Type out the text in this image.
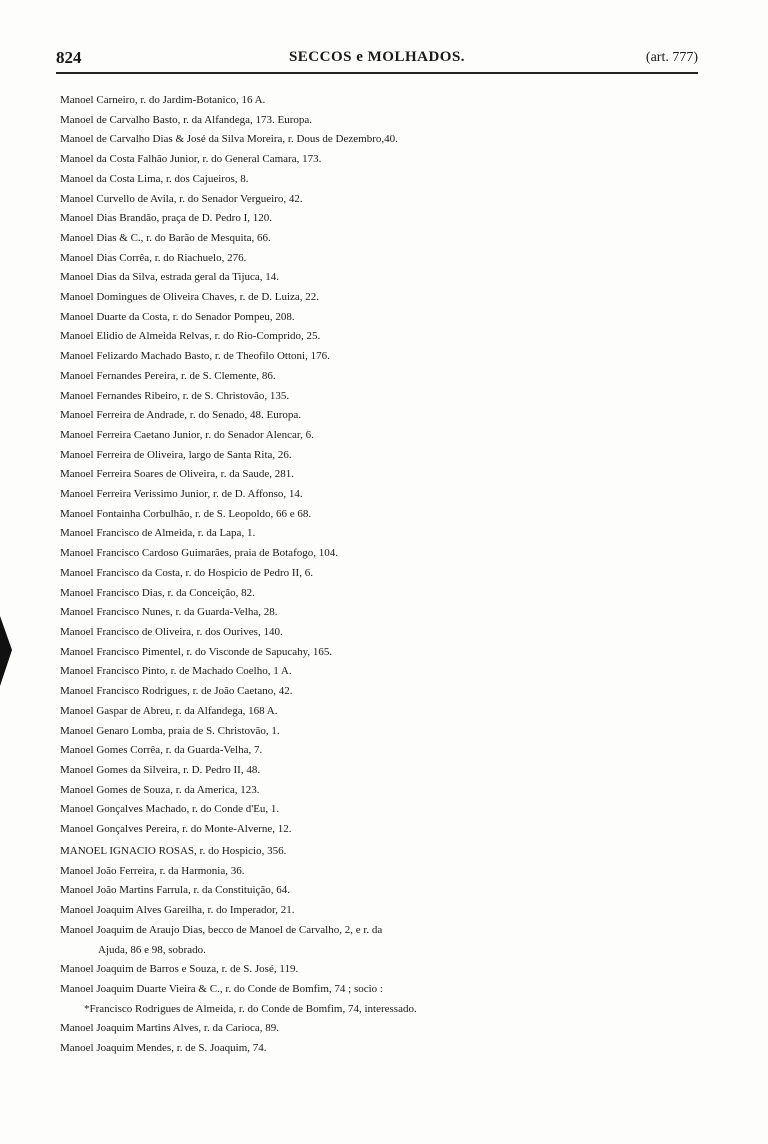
824	SECCOS e MOLHADOS.	(art. 777)
Manoel Carneiro, r. do Jardim-Botanico, 16 A.
Manoel de Carvalho Basto, r. da Alfandega, 173. Europa.
Manoel de Carvalho Dias & José da Silva Moreira, r. Dous de Dezembro,40.
Manoel da Costa Falhão Junior, r. do General Camara, 173.
Manoel da Costa Lima, r. dos Cajueiros, 8.
Manoel Curvello de Avila, r. do Senador Vergueiro, 42.
Manoel Dias Brandão, praça de D. Pedro I, 120.
Manoel Dias & C., r. do Barão de Mesquita, 66.
Manoel Dias Corrêa, r. do Riachuelo, 276.
Manoel Dias da Silva, estrada geral da Tijuca, 14.
Manoel Domingues de Oliveira Chaves, r. de D. Luiza, 22.
Manoel Duarte da Costa, r. do Senador Pompeu, 208.
Manoel Elidio de Almeida Relvas, r. do Rio-Comprido, 25.
Manoel Felizardo Machado Basto, r. de Theofilo Ottoni, 176.
Manoel Fernandes Pereira, r. de S. Clemente, 86.
Manoel Fernandes Ribeiro, r. de S. Christovão, 135.
Manoel Ferreira de Andrade, r. do Senado, 48. Europa.
Manoel Ferreira Caetano Junior, r. do Senador Alencar, 6.
Manoel Ferreira de Oliveira, largo de Santa Rita, 26.
Manoel Ferreira Soares de Oliveira, r. da Saude, 281.
Manoel Ferreira Verissimo Junior, r. de D. Affonso, 14.
Manoel Fontainha Corbulhão, r. de S. Leopoldo, 66 e 68.
Manoel Francisco de Almeida, r. da Lapa, 1.
Manoel Francisco Cardoso Guimarães, praia de Botafogo, 104.
Manoel Francisco da Costa, r. do Hospicio de Pedro II, 6.
Manoel Francisco Dias, r. da Conceição, 82.
Manoel Francisco Nunes, r. da Guarda-Velha, 28.
Manoel Francisco de Oliveira, r. dos Ourives, 140.
Manoel Francisco Pimentel, r. do Visconde de Sapucahy, 165.
Manoel Francisco Pinto, r. de Machado Coelho, 1 A.
Manoel Francisco Rodrigues, r. de João Caetano, 42.
Manoel Gaspar de Abreu, r. da Alfandega, 168 A.
Manoel Genaro Lomba, praia de S. Christovão, 1.
Manoel Gomes Corrêa, r. da Guarda-Velha, 7.
Manoel Gomes da Silveira, r. D. Pedro II, 48.
Manoel Gomes de Souza, r. da America, 123.
Manoel Gonçalves Machado, r. do Conde d'Eu, 1.
Manoel Gonçalves Pereira, r. do Monte-Alverne, 12.
MANOEL IGNACIO ROSAS, r. do Hospicio, 356.
Manoel João Ferreira, r. da Harmonia, 36.
Manoel João Martins Farrula, r. da Constituição, 64.
Manoel Joaquim Alves Gareilha, r. do Imperador, 21.
Manoel Joaquim de Araujo Dias, becco de Manoel de Carvalho, 2, e r. da
Ajuda, 86 e 98, sobrado.
Manoel Joaquim de Barros e Souza, r. de S. José, 119.
Manoel Joaquim Duarte Vieira & C., r. do Conde de Bomfim, 74 ; socio :
*Francisco Rodrigues de Almeida, r. do Conde de Bomfim, 74, interessado.
Manoel Joaquim Martins Alves, r. da Carioca, 89.
Manoel Joaquim Mendes, r. de S. Joaquim, 74.
